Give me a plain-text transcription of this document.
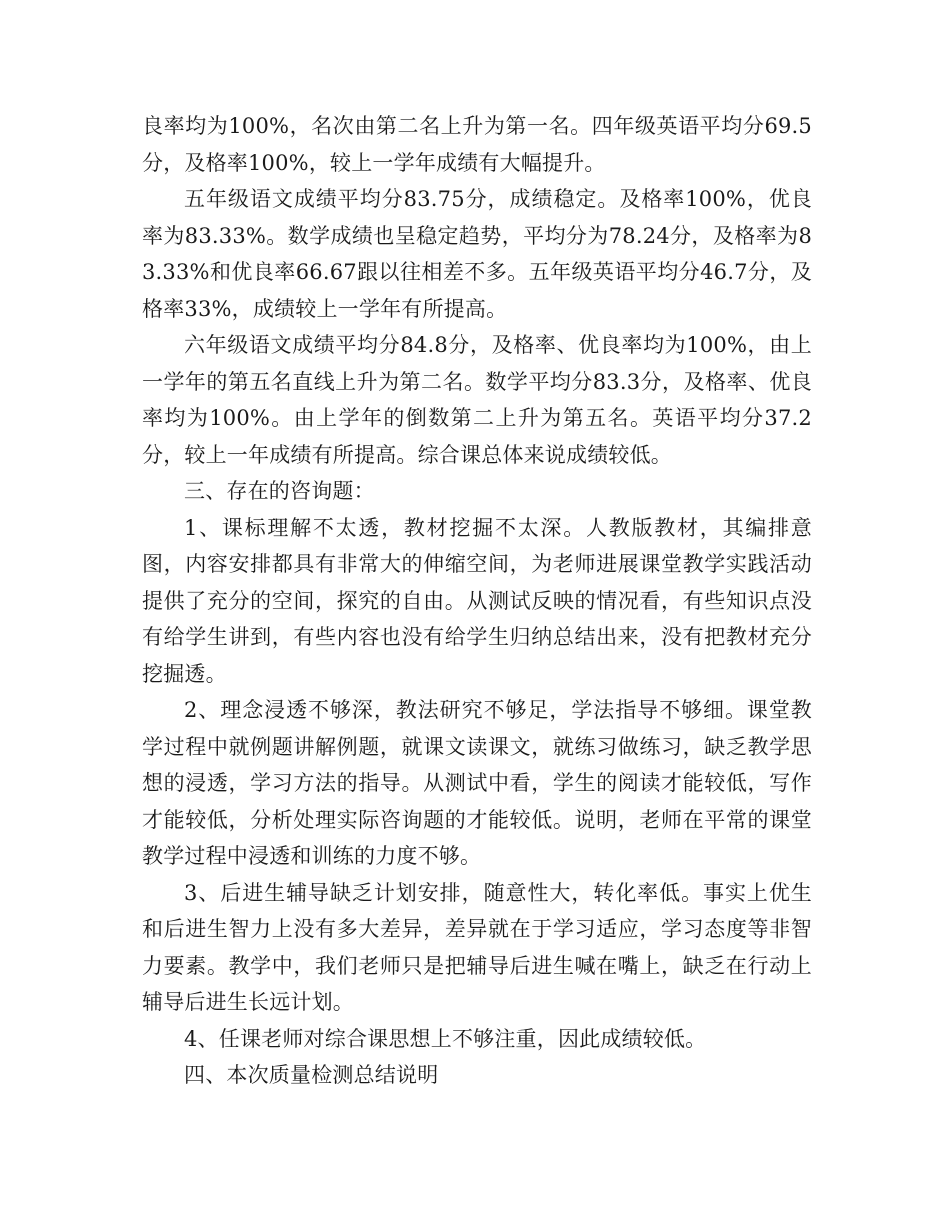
良率均为100%，名次由第二名上升为第一名。四年级英语平均分69.5分，及格率100%，较上一学年成绩有大幅提升。

五年级语文成绩平均分83.75分，成绩稳定。及格率100%，优良率为83.33%。数学成绩也呈稳定趋势，平均分为78.24分，及格率为83.33%和优良率66.67跟以往相差不多。五年级英语平均分46.7分，及格率33%，成绩较上一学年有所提高。

六年级语文成绩平均分84.8分，及格率、优良率均为100%，由上一学年的第五名直线上升为第二名。数学平均分83.3分，及格率、优良率均为100%。由上学年的倒数第二上升为第五名。英语平均分37.2分，较上一年成绩有所提高。综合课总体来说成绩较低。

三、存在的咨询题：

1、课标理解不太透，教材挖掘不太深。人教版教材，其编排意图，内容安排都具有非常大的伸缩空间，为老师进展课堂教学实践活动提供了充分的空间，探究的自由。从测试反映的情况看，有些知识点没有给学生讲到，有些内容也没有给学生归纳总结出来，没有把教材充分挖掘透。

2、理念浸透不够深，教法研究不够足，学法指导不够细。课堂教学过程中就例题讲解例题，就课文读课文，就练习做练习，缺乏教学思想的浸透，学习方法的指导。从测试中看，学生的阅读才能较低，写作才能较低，分析处理实际咨询题的才能较低。说明，老师在平常的课堂教学过程中浸透和训练的力度不够。

3、后进生辅导缺乏计划安排，随意性大，转化率低。事实上优生和后进生智力上没有多大差异，差异就在于学习适应，学习态度等非智力要素。教学中，我们老师只是把辅导后进生喊在嘴上，缺乏在行动上辅导后进生长远计划。

4、任课老师对综合课思想上不够注重，因此成绩较低。

四、本次质量检测总结说明
